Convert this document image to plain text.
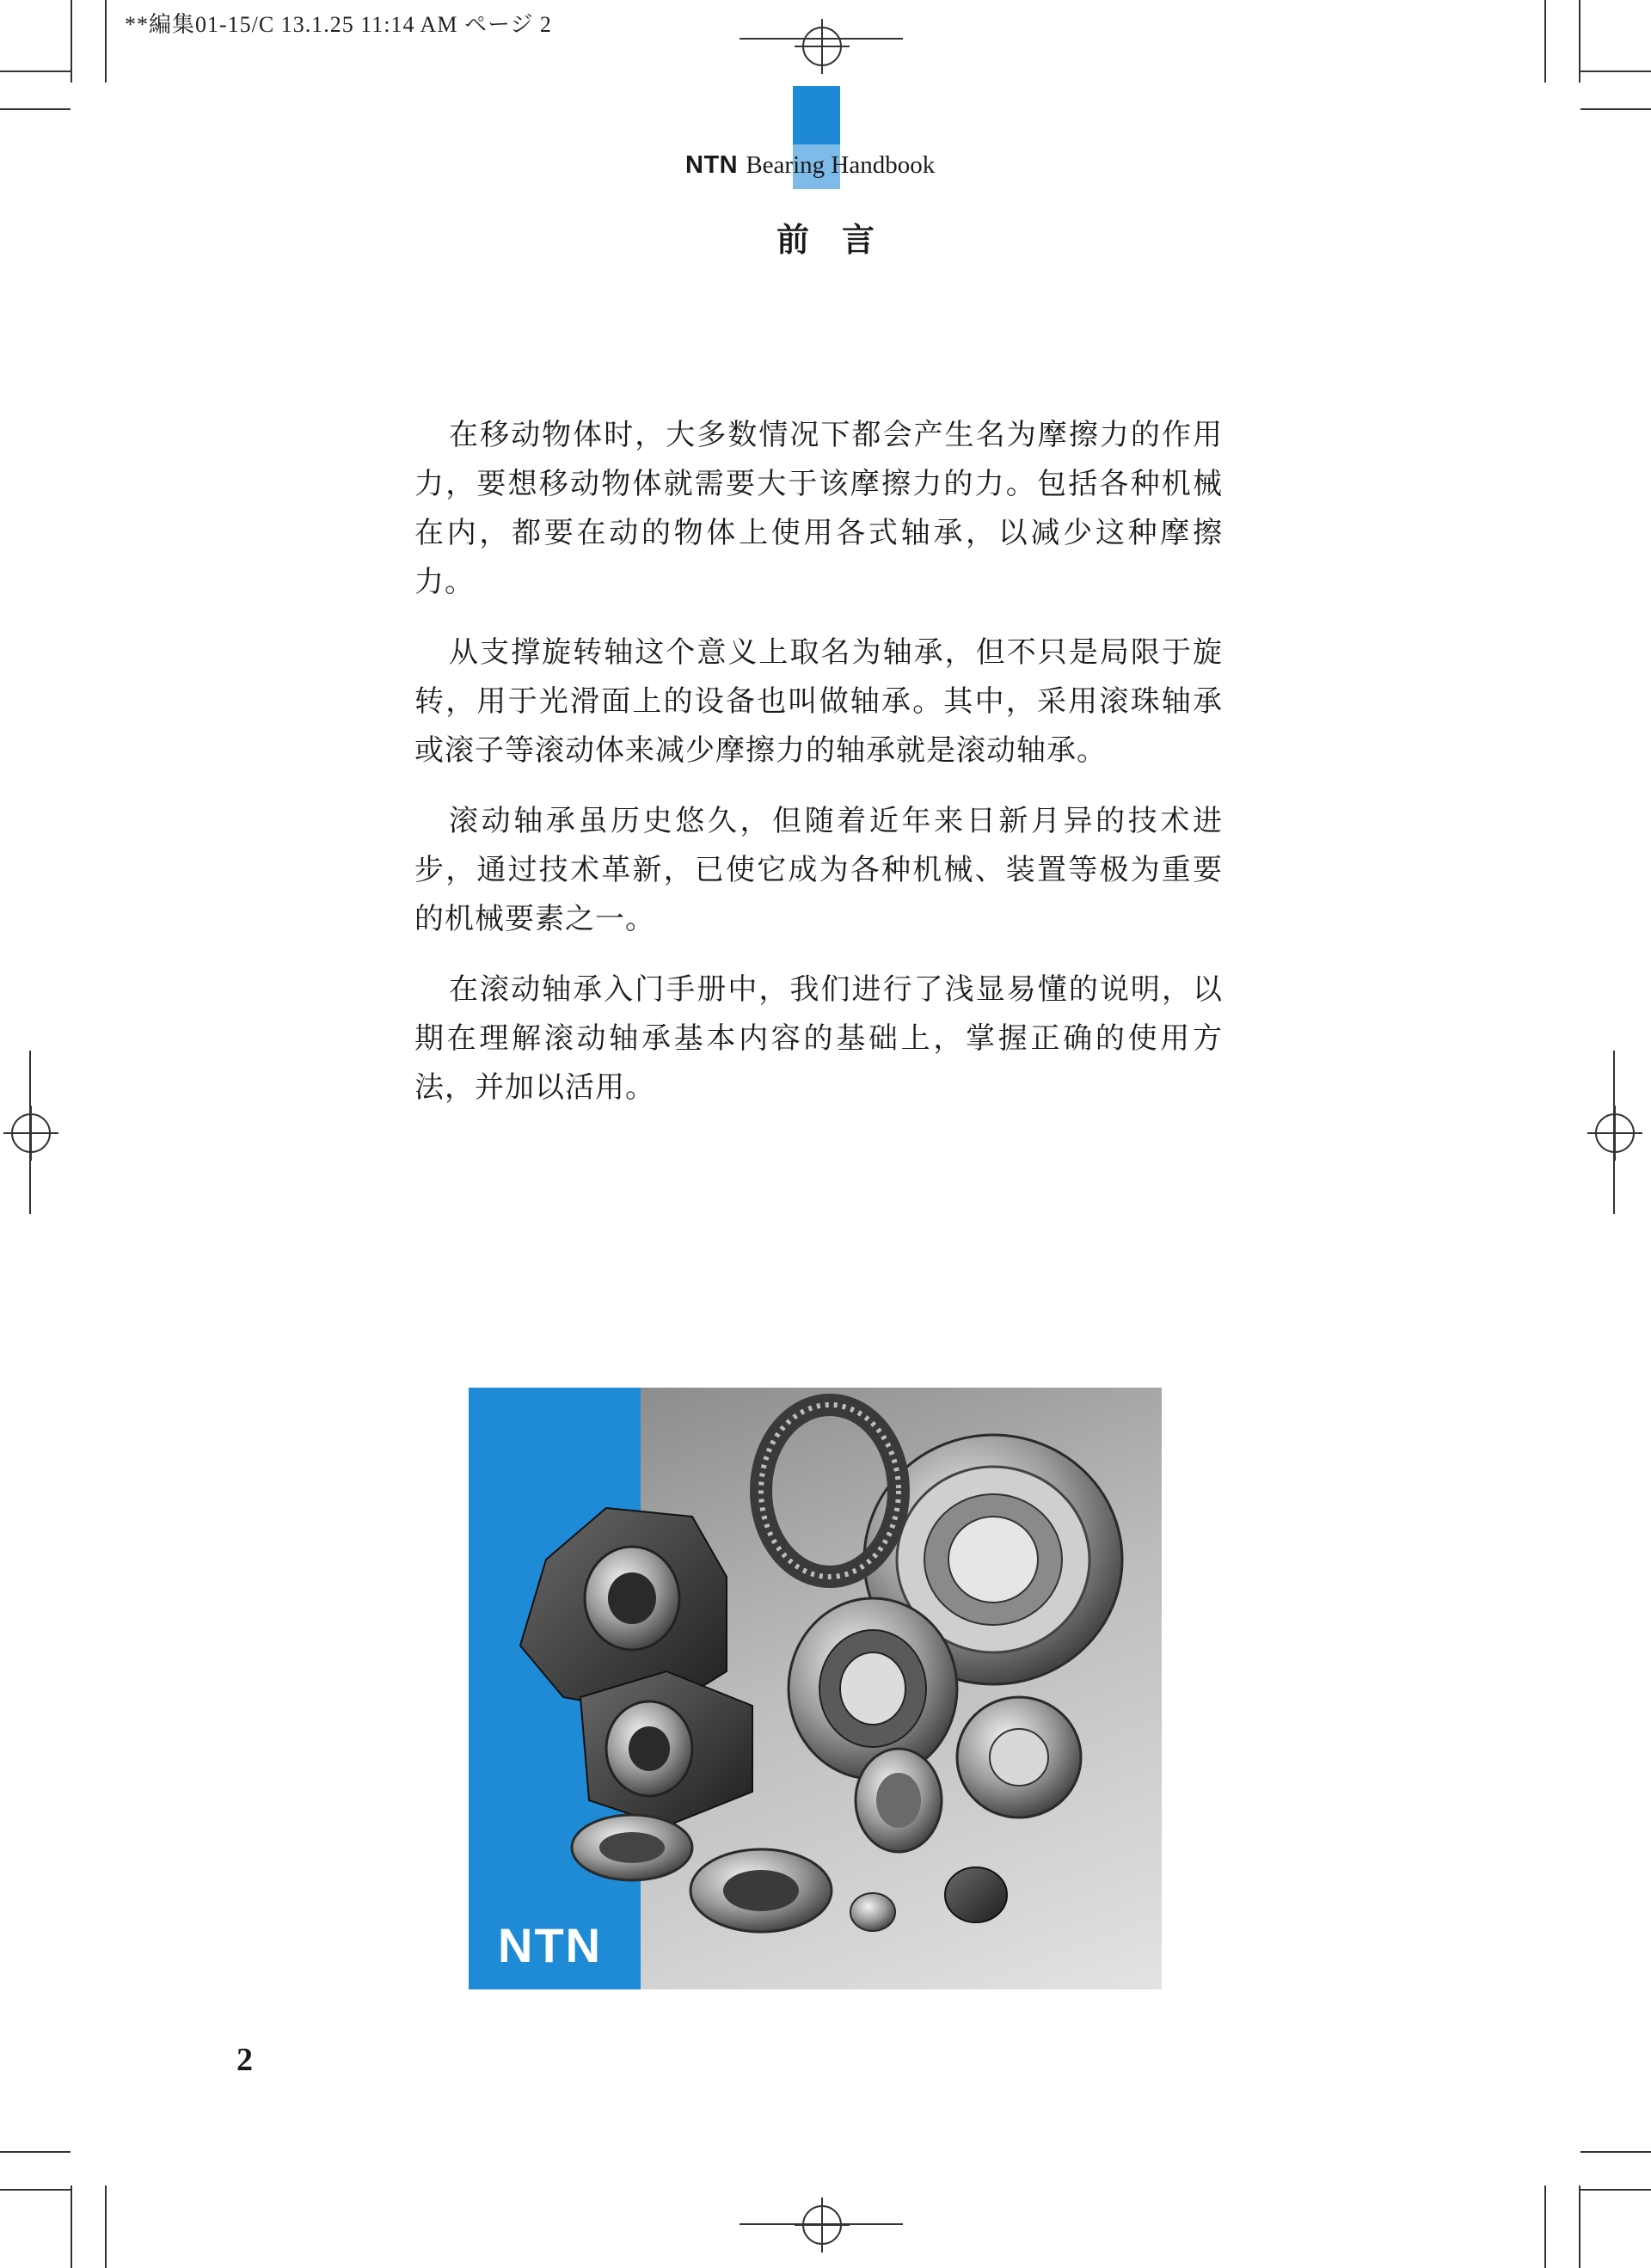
**編集01-15/C 13.1.25 11:14 AM ページ 2
NTN Bearing Handbook
前　言

在移动物体时，大多数情况下都会产生名为摩擦力的作用力，要想移动物体就需要大于该摩擦力的力。包括各种机械在内，都要在动的物体上使用各式轴承，以减少这种摩擦力。

从支撑旋转轴这个意义上取名为轴承，但不只是局限于旋转，用于光滑面上的设备也叫做轴承。其中，采用滚珠轴承或滚子等滚动体来减少摩擦力的轴承就是滚动轴承。

滚动轴承虽历史悠久，但随着近年来日新月异的技术进步，通过技术革新，已使它成为各种机械、装置等极为重要的机械要素之一。

在滚动轴承入门手册中，我们进行了浅显易懂的说明，以期在理解滚动轴承基本内容的基础上，掌握正确的使用方法，并加以活用。

NTN
2
